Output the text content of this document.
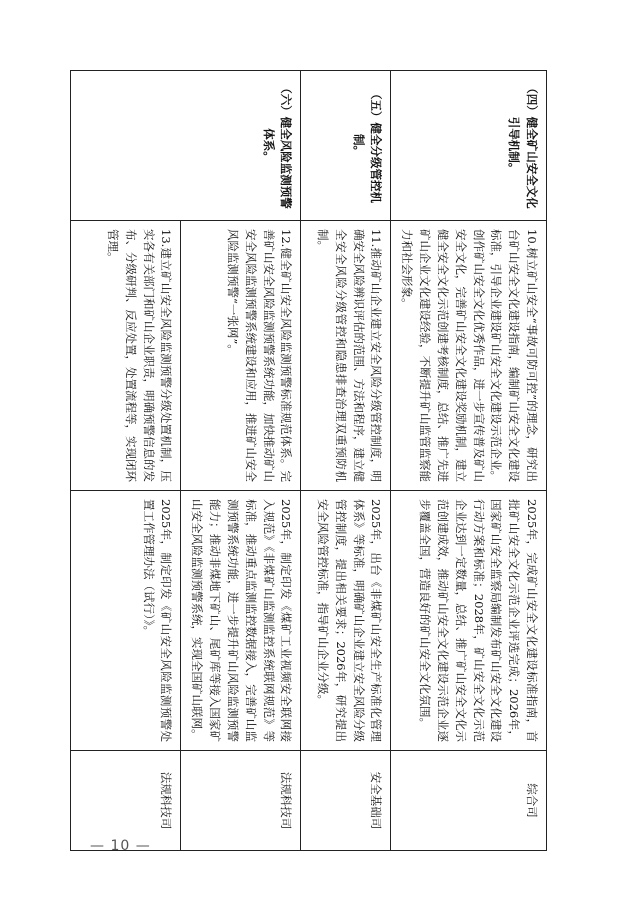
（四）健全矿山安全文化引导机制。	10.树立矿山安全“事故可防可控”的理念，研究出台矿山安全文化建设指南，编制矿山安全文化建设标准，引导企业建设矿山安全文化建设示范企业。创作矿山安全文化优秀作品，进一步宣传普及矿山安全文化，完善矿山安全文化建设奖励机制，建立健全安全文化示范创建考核制度，总结、推广先进矿山企业文化建设经验，不断提升矿山监管监察能力和社会形象。	2025年，完成矿山安全文化建设标准指南，首批矿山安全文化示范企业评选完成；2026年，国家矿山安全监察局编制发布矿山安全文化建设行动方案和标准；2028年，矿山安全文化示范企业达到一定数量，总结、推广矿山安全文化示范创建成效，推动矿山安全文化建设示范企业逐步覆盖全国，营造良好的矿山安全文化氛围。	综合司
（五）健全分级管控机制。	11.推动矿山企业建立安全风险分级管控制度，明确安全风险辨识评估的范围、方法和程序，建立健全安全风险分级管控和隐患排查治理双重预防机制。	2025年，出台《非煤矿山安全生产标准化管理体系》等标准，明确矿山企业建立安全风险分级管控制度，提出相关要求；2026年，研究提出安全风险管控标准，指导矿山企业分级。	安全基础司
（六）健全风险监测预警体系。	12.健全矿山安全风险监测预警标准规范体系。完善矿山安全风险监测预警系统功能，加快推动矿山安全风险监测预警系统建设和应用，推进矿山安全风险监测预警“一张网”。	2025年，制定印发《煤矿工业视频安全联网接入规范》《非煤矿山监测监控系统联网规范》等标准，推动重点监测监控数据接入，完善矿山监测预警系统功能，进一步提升矿山风险监测预警能力；推动非煤地下矿山、尾矿库等接入国家矿山安全风险监测预警系统，实现全国矿山联网。	法规科技司
	13.建立矿山安全风险监测预警分级处置机制，压实各有关部门和矿山企业职责，明确预警信息的发布、分级研判、反应处置，处置流程等，实现闭环管理。	2025年，制定印发《矿山安全风险监测预警处置工作管理办法（试行）》。	法规科技司
— 10 —
